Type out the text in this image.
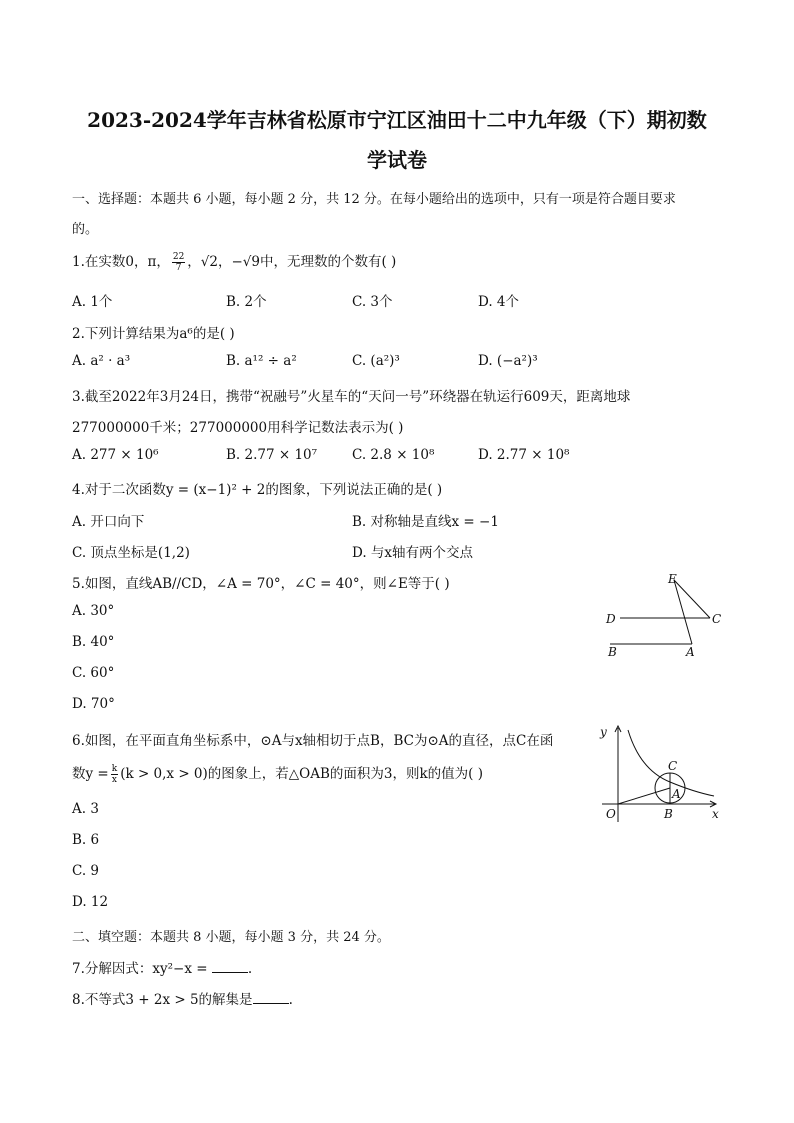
2023-2024学年吉林省松原市宁江区油田十二中九年级（下）期初数
学试卷
一、选择题：本题共 6 小题，每小题 2 分，共 12 分。在每小题给出的选项中，只有一项是符合题目要求
的。
1.在实数0，π， $\frac{22}{7}$ ，√2，−√9中，无理数的个数有( )
A. 1个	B. 2个	C. 3个	D. 4个
2.下列计算结果为a⁶的是( )
A. a² · a³	B. a¹² ÷ a²	C. (a²)³	D. (−a²)³
3.截至2022年3月24日，携带“祝融号”火星车的“天问一号”环绕器在轨运行609天，距离地球
277000000千米；277000000用科学记数法表示为( )
A. 277 × 10⁶	B. 2.77 × 10⁷	C. 2.8 × 10⁸	D. 2.77 × 10⁸
4.对于二次函数y = (x−1)² + 2的图象，下列说法正确的是( )
A. 开口向下	B. 对称轴是直线x = −1
C. 顶点坐标是(1,2)	D. 与x轴有两个交点
5.如图，直线AB//CD，∠A = 70°，∠C = 40°，则∠E等于( )
A. 30°
B. 40°
C. 60°
D. 70°
E
D	C
B	A
6.如图，在平面直角坐标系中，⊙A与x轴相切于点B，BC为⊙A的直径，点C在函
数$y = \frac{k}{x} (k > 0,x > 0)$的图象上，若△OAB的面积为3，则k的值为( )
A. 3
B. 6
C. 9
D. 12
y
C
A
O	B	x
二、填空题：本题共 8 小题，每小题 3 分，共 24 分。
7.分解因式：xy²−x =	.
8.不等式3 + 2x > 5的解集是	.
